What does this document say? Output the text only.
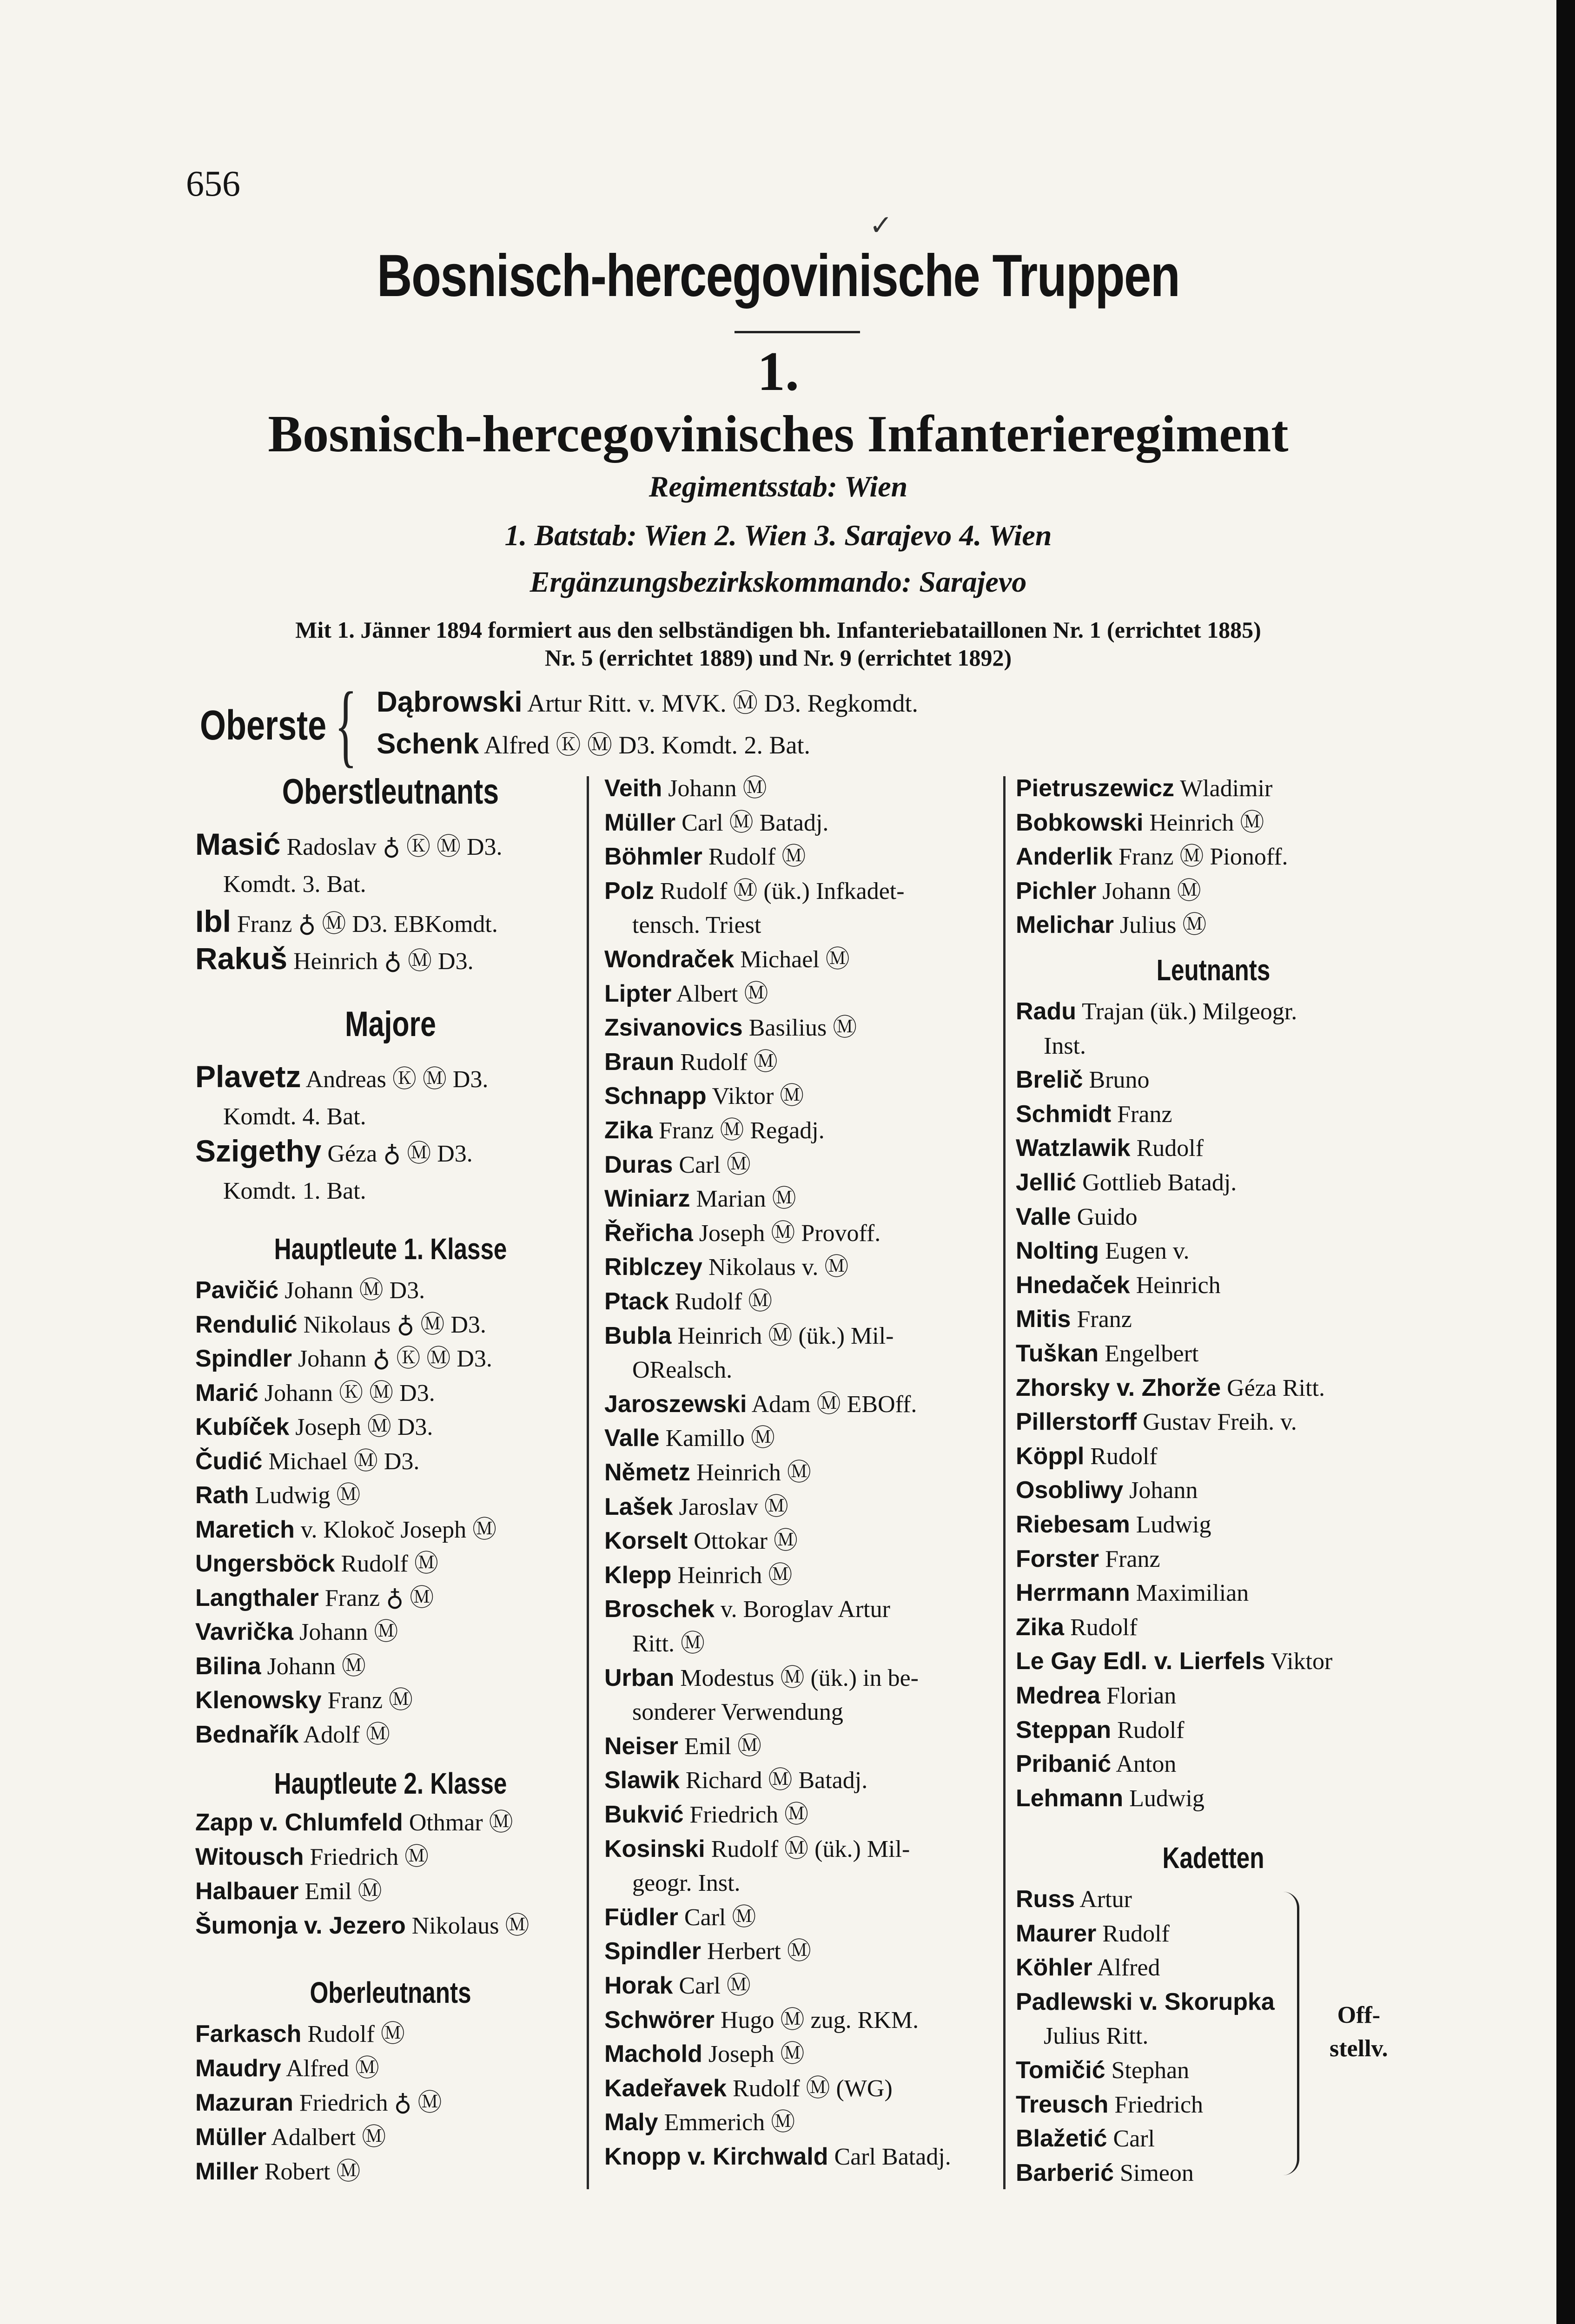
656
✓
Bosnisch-hercegovinische Truppen
1.
Bosnisch-hercegovinisches Infanterieregiment
Regimentsstab: Wien
1. Batstab: Wien 2. Wien 3. Sarajevo 4. Wien
Ergänzungsbezirkskommando: Sarajevo
Mit 1. Jänner 1894 formiert aus den selbständigen bh. Infanteriebataillonen Nr. 1 (errichtet 1885)
Nr. 5 (errichtet 1889) und Nr. 9 (errichtet 1892)
Oberste { Dąbrowski Artur Ritt. v. MVK. Ⓜ D3. Regkomdt.
Schenk Alfred Ⓚ Ⓜ D3. Komdt. 2. Bat.
Oberstleutnants
Masić Radoslav ♁ Ⓚ Ⓜ D3.
Komdt. 3. Bat.
Ibl Franz ♁ Ⓜ D3. EBKomdt.
Rakuš Heinrich ♁ Ⓜ D3.
Majore
Plavetz Andreas Ⓚ Ⓜ D3.
Komdt. 4. Bat.
Szigethy Géza ♁ Ⓜ D3.
Komdt. 1. Bat.
Hauptleute 1. Klasse
Pavičić Johann Ⓜ D3.
Rendulić Nikolaus ♁ Ⓜ D3.
Spindler Johann ♁ Ⓚ Ⓜ D3.
Marić Johann Ⓚ Ⓜ D3.
Kubíček Joseph Ⓜ D3.
Čudić Michael Ⓜ D3.
Rath Ludwig Ⓜ
Maretich v. Klokoč Joseph Ⓜ
Ungersböck Rudolf Ⓜ
Langthaler Franz ♁ Ⓜ
Vavrička Johann Ⓜ
Bilina Johann Ⓜ
Klenowsky Franz Ⓜ
Bednařík Adolf Ⓜ
Hauptleute 2. Klasse
Zapp v. Chlumfeld Othmar Ⓜ
Witousch Friedrich Ⓜ
Halbauer Emil Ⓜ
Šumonja v. Jezero Nikolaus Ⓜ
Oberleutnants
Farkasch Rudolf Ⓜ
Maudry Alfred Ⓜ
Mazuran Friedrich ♁ Ⓜ
Müller Adalbert Ⓜ
Miller Robert Ⓜ
Veith Johann Ⓜ
Müller Carl Ⓜ Batadj.
Böhmler Rudolf Ⓜ
Polz Rudolf Ⓜ (ük.) Infkadet-
tensch. Triest
Wondraček Michael Ⓜ
Lipter Albert Ⓜ
Zsivanovics Basilius Ⓜ
Braun Rudolf Ⓜ
Schnapp Viktor Ⓜ
Zika Franz Ⓜ Regadj.
Duras Carl Ⓜ
Winiarz Marian Ⓜ
Řeřicha Joseph Ⓜ Provoff.
Riblczey Nikolaus v. Ⓜ
Ptack Rudolf Ⓜ
Bubla Heinrich Ⓜ (ük.) Mil-
ORealsch.
Jaroszewski Adam Ⓜ EBOff.
Valle Kamillo Ⓜ
Němetz Heinrich Ⓜ
Lašek Jaroslav Ⓜ
Korselt Ottokar Ⓜ
Klepp Heinrich Ⓜ
Broschek v. Boroglav Artur
Ritt. Ⓜ
Urban Modestus Ⓜ (ük.) in be-
sonderer Verwendung
Neiser Emil Ⓜ
Slawik Richard Ⓜ Batadj.
Bukvić Friedrich Ⓜ
Kosinski Rudolf Ⓜ (ük.) Mil-
geogr. Inst.
Füdler Carl Ⓜ
Spindler Herbert Ⓜ
Horak Carl Ⓜ
Schwörer Hugo Ⓜ zug. RKM.
Machold Joseph Ⓜ
Kadeřavek Rudolf Ⓜ (WG)
Maly Emmerich Ⓜ
Knopp v. Kirchwald Carl Batadj.
Pietruszewicz Wladimir
Bobkowski Heinrich Ⓜ
Anderlik Franz Ⓜ Pionoff.
Pichler Johann Ⓜ
Melichar Julius Ⓜ
Leutnants
Radu Trajan (ük.) Milgeogr.
Inst.
Brelič Bruno
Schmidt Franz
Watzlawik Rudolf
Jellić Gottlieb Batadj.
Valle Guido
Nolting Eugen v.
Hnedaček Heinrich
Mitis Franz
Tuškan Engelbert
Zhorsky v. Zhorže Géza Ritt.
Pillerstorff Gustav Freih. v.
Köppl Rudolf
Osobliwy Johann
Riebesam Ludwig
Forster Franz
Herrmann Maximilian
Zika Rudolf
Le Gay Edl. v. Lierfels Viktor
Medrea Florian
Steppan Rudolf
Pribanić Anton
Lehmann Ludwig
Kadetten
Russ Artur
Maurer Rudolf
Köhler Alfred
Padlewski v. Skorupka
Julius Ritt.
Tomičić Stephan
Treusch Friedrich
Blažetić Carl
Barberić Simeon
Off-
stellv.
